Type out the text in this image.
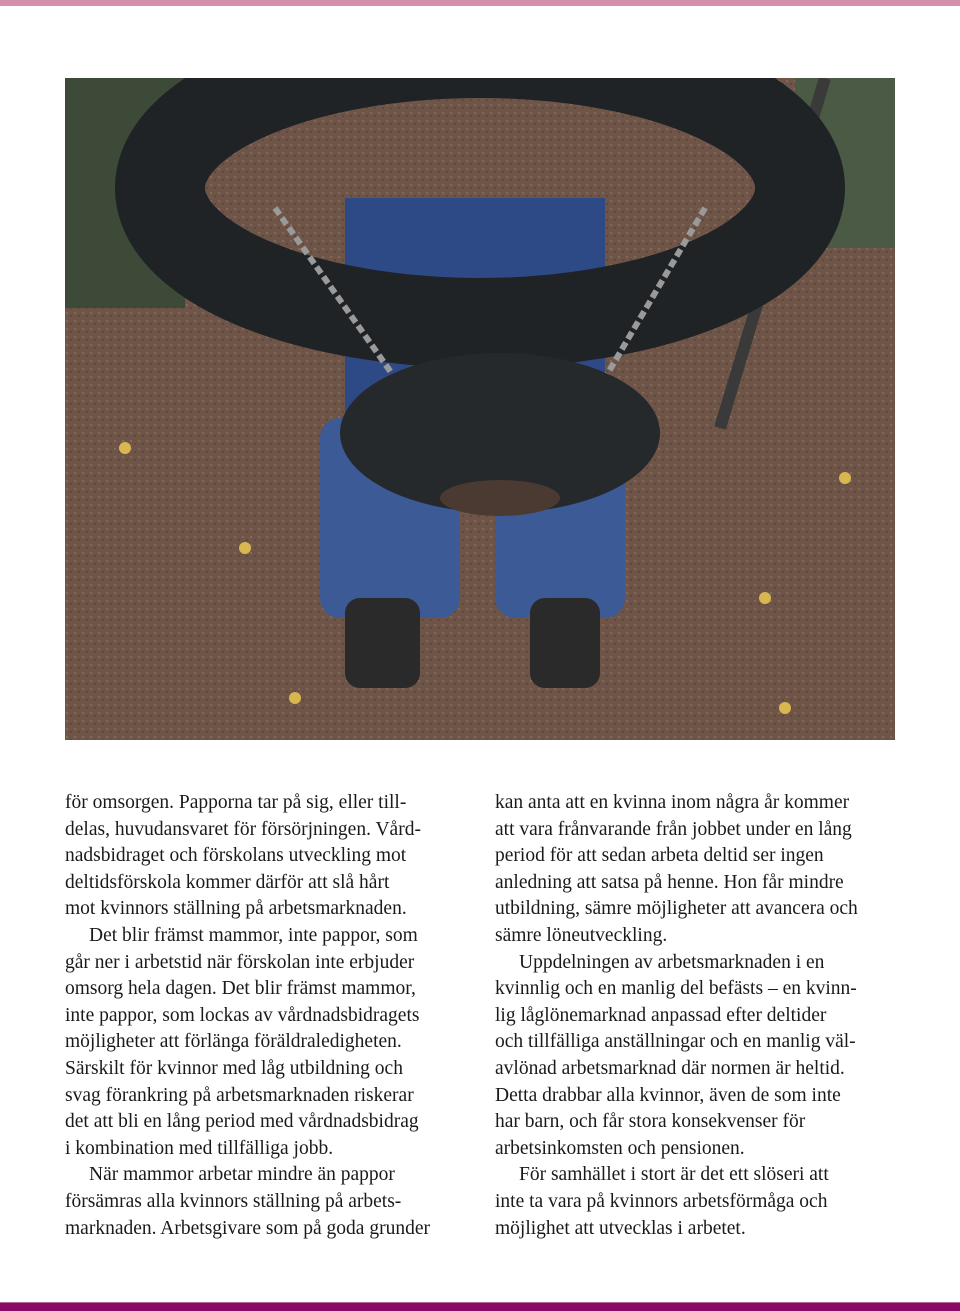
för omsorgen. Papporna tar på sig, eller till-
delas, huvudansvaret för försörjningen. Vård-
nadsbidraget och förskolans utveckling mot
deltidsförskola kommer därför att slå hårt
mot kvinnors ställning på arbetsmarknaden.
Det blir främst mammor, inte pappor, som
går ner i arbetstid när förskolan inte erbjuder
omsorg hela dagen. Det blir främst mammor,
inte pappor, som lockas av vårdnadsbidragets
möjligheter att förlänga föräldraledigheten.
Särskilt för kvinnor med låg utbildning och
svag förankring på arbetsmarknaden riskerar
det att bli en lång period med vårdnadsbidrag
i kombination med tillfälliga jobb.
När mammor arbetar mindre än pappor
försämras alla kvinnors ställning på arbets-
marknaden. Arbetsgivare som på goda grunder
kan anta att en kvinna inom några år kommer
att vara frånvarande från jobbet under en lång
period för att sedan arbeta deltid ser ingen
anledning att satsa på henne. Hon får mindre
utbildning, sämre möjligheter att avancera och
sämre löneutveckling.
Uppdelningen av arbetsmarknaden i en
kvinnlig och en manlig del befästs – en kvinn-
lig låglönemarknad anpassad efter deltider
och tillfälliga anställningar och en manlig väl-
avlönad arbetsmarknad där normen är heltid.
Detta drabbar alla kvinnor, även de som inte
har barn, och får stora konsekvenser för
arbetsinkomsten och pensionen.
För samhället i stort är det ett slöseri att
inte ta vara på kvinnors arbetsförmåga och
möjlighet att utvecklas i arbetet.
